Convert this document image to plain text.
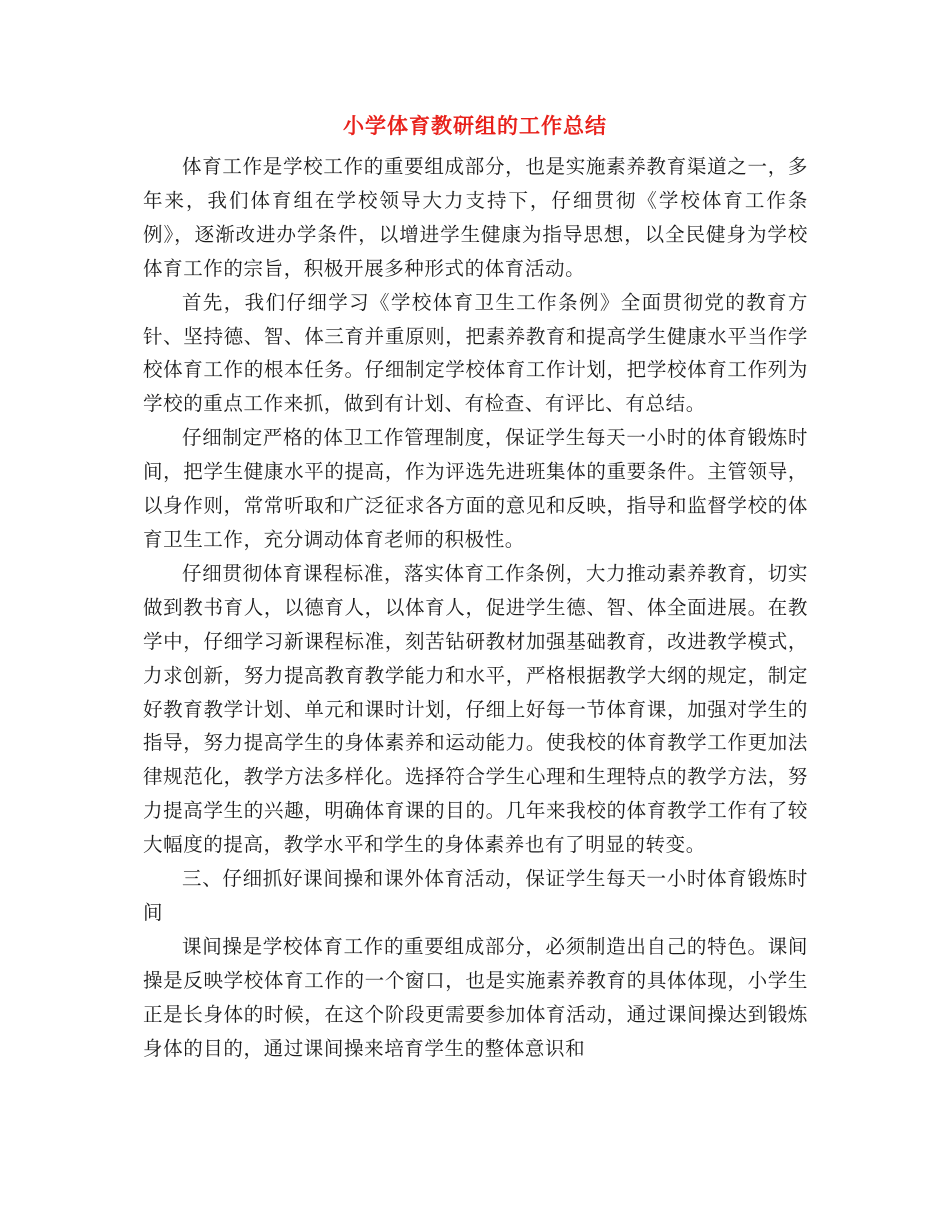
小学体育教研组的工作总结

体育工作是学校工作的重要组成部分，也是实施素养教育渠道之一，多年来，我们体育组在学校领导大力支持下，仔细贯彻《学校体育工作条例》，逐渐改进办学条件，以增进学生健康为指导思想，以全民健身为学校体育工作的宗旨，积极开展多种形式的体育活动。

首先，我们仔细学习《学校体育卫生工作条例》全面贯彻党的教育方针、坚持德、智、体三育并重原则，把素养教育和提高学生健康水平当作学校体育工作的根本任务。仔细制定学校体育工作计划，把学校体育工作列为学校的重点工作来抓，做到有计划、有检查、有评比、有总结。

仔细制定严格的体卫工作管理制度，保证学生每天一小时的体育锻炼时间，把学生健康水平的提高，作为评选先进班集体的重要条件。主管领导，以身作则，常常听取和广泛征求各方面的意见和反映，指导和监督学校的体育卫生工作，充分调动体育老师的积极性。

仔细贯彻体育课程标准，落实体育工作条例，大力推动素养教育，切实做到教书育人，以德育人，以体育人，促进学生德、智、体全面进展。在教学中，仔细学习新课程标准，刻苦钻研教材加强基础教育，改进教学模式，力求创新，努力提高教育教学能力和水平，严格根据教学大纲的规定，制定好教育教学计划、单元和课时计划，仔细上好每一节体育课，加强对学生的指导，努力提高学生的身体素养和运动能力。使我校的体育教学工作更加法律规范化，教学方法多样化。选择符合学生心理和生理特点的教学方法，努力提高学生的兴趣，明确体育课的目的。几年来我校的体育教学工作有了较大幅度的提高，教学水平和学生的身体素养也有了明显的转变。

三、仔细抓好课间操和课外体育活动，保证学生每天一小时体育锻炼时间

课间操是学校体育工作的重要组成部分，必须制造出自己的特色。课间操是反映学校体育工作的一个窗口，也是实施素养教育的具体体现，小学生正是长身体的时候，在这个阶段更需要参加体育活动，通过课间操达到锻炼身体的目的，通过课间操来培育学生的整体意识和
